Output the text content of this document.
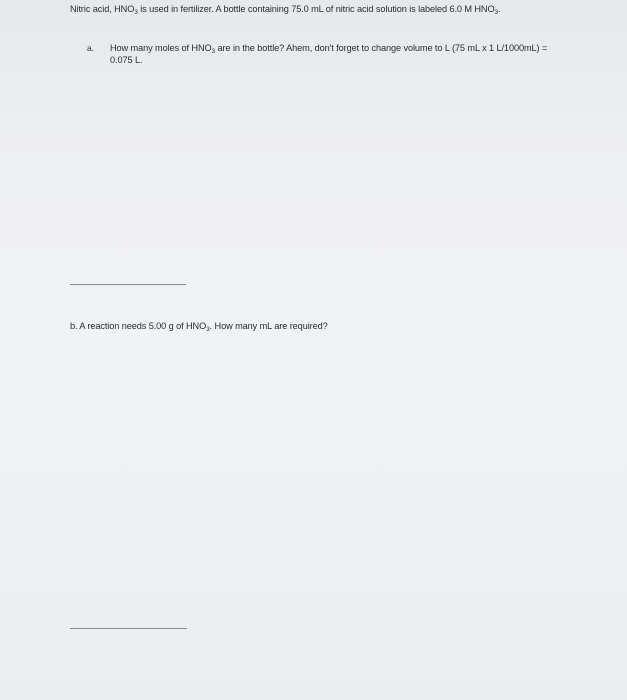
Nitric acid, $HNO_3$ is used in fertilizer. A bottle containing 75.0 mL of nitric acid solution is labeled 6.0 M $HNO_3$.
a. How many moles of $HNO_3$ are in the bottle? Ahem, don't forget to change volume to L (75 mL x 1 L/1000mL) = 0.075 L.
b. A reaction needs 5.00 g of $HNO_3$. How many mL are required?
